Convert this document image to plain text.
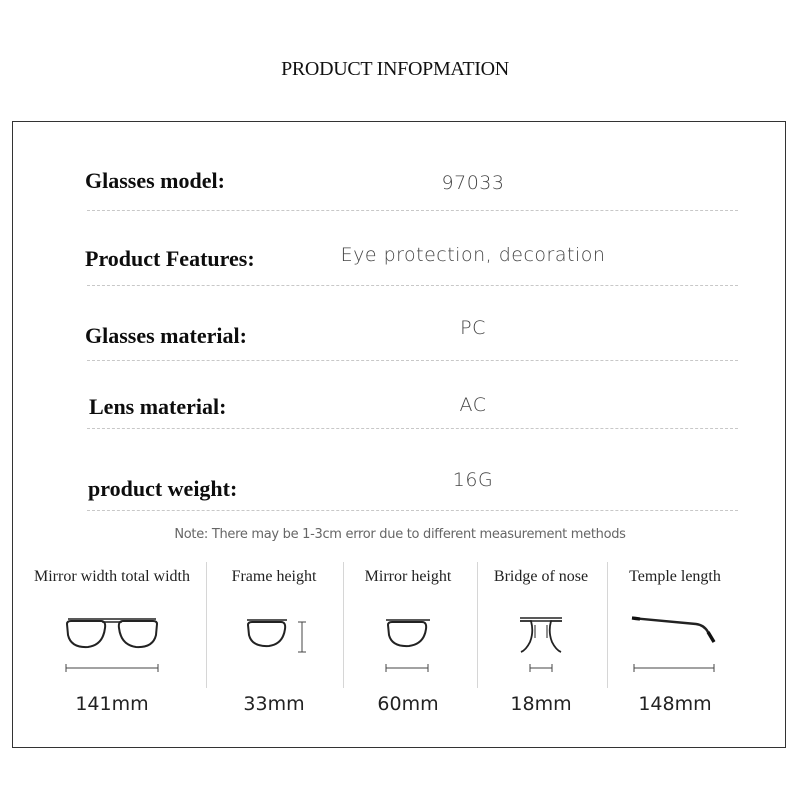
PRODUCT INFOPMATION
Glasses model:	97033
Product Features:	Eye protection, decoration
Glasses material:	PC
Lens material:	AC
product weight:	16G
Note: There may be 1-3cm error due to different measurement methods
Mirror width total width
141mm
Frame height
33mm
Mirror height
60mm
Bridge of nose
18mm
Temple length
148mm
